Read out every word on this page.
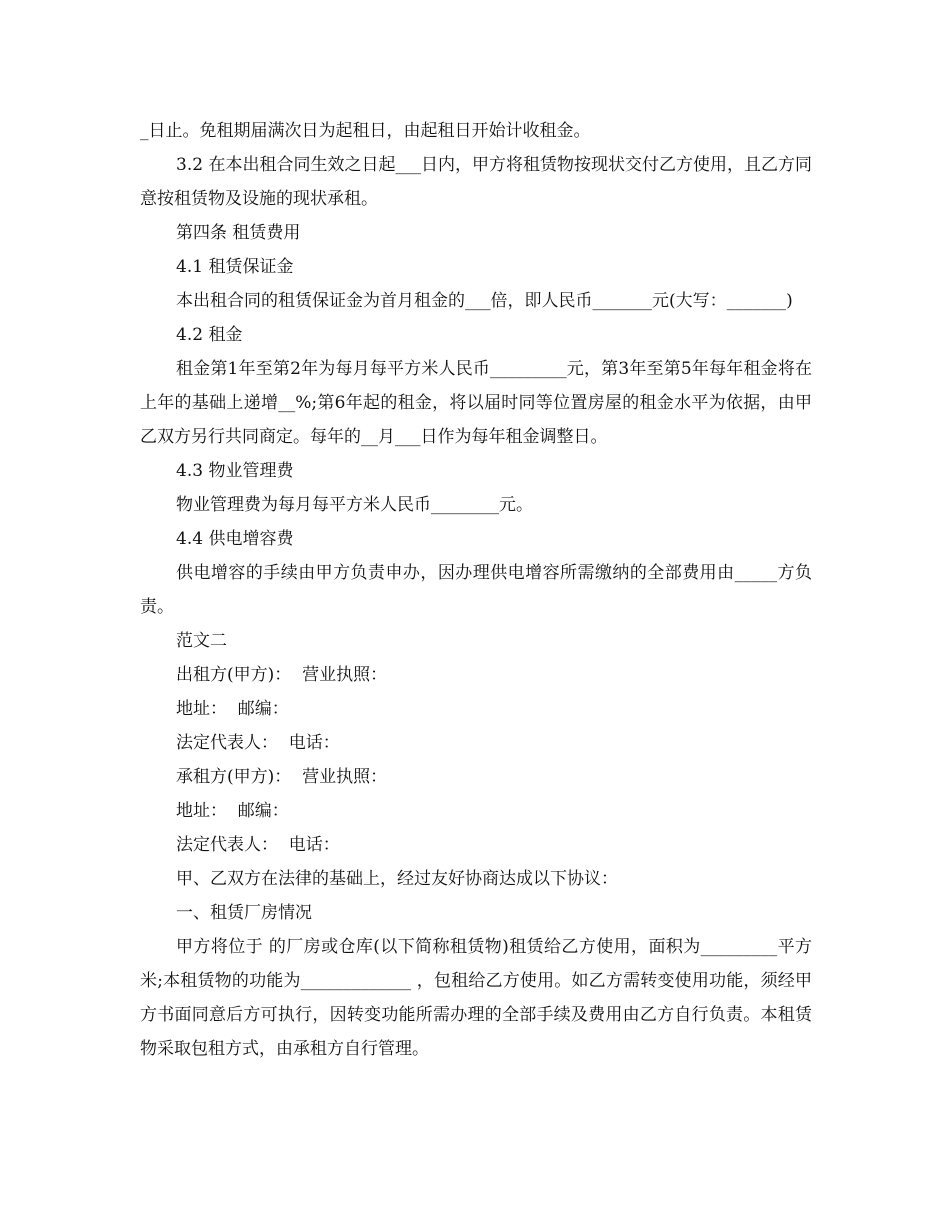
_日止。免租期届满次日为起租日，由起租日开始计收租金。

3.2 在本出租合同生效之日起___日内，甲方将租赁物按现状交付乙方使用，且乙方同意按租赁物及设施的现状承租。

第四条 租赁费用

4.1 租赁保证金

本出租合同的租赁保证金为首月租金的___倍，即人民币_______元(大写：_______)

4.2 租金

租金第1年至第2年为每月每平方米人民币_________元，第3年至第5年每年租金将在上年的基础上递增__%;第6年起的租金，将以届时同等位置房屋的租金水平为依据，由甲乙双方另行共同商定。每年的__月___日作为每年租金调整日。

4.3 物业管理费

物业管理费为每月每平方米人民币________元。

4.4 供电增容费

供电增容的手续由甲方负责申办，因办理供电增容所需缴纳的全部费用由_____方负责。

范文二

出租方(甲方)：  营业执照：

地址：  邮编：

法定代表人：  电话：

承租方(甲方)：  营业执照：

地址：  邮编：

法定代表人：  电话：

甲、乙双方在法律的基础上，经过友好协商达成以下协议：

一、租赁厂房情况

甲方将位于 的厂房或仓库(以下简称租赁物)租赁给乙方使用，面积为_________平方米;本租赁物的功能为_____________ ，包租给乙方使用。如乙方需转变使用功能，须经甲方书面同意后方可执行，因转变功能所需办理的全部手续及费用由乙方自行负责。本租赁物采取包租方式，由承租方自行管理。
